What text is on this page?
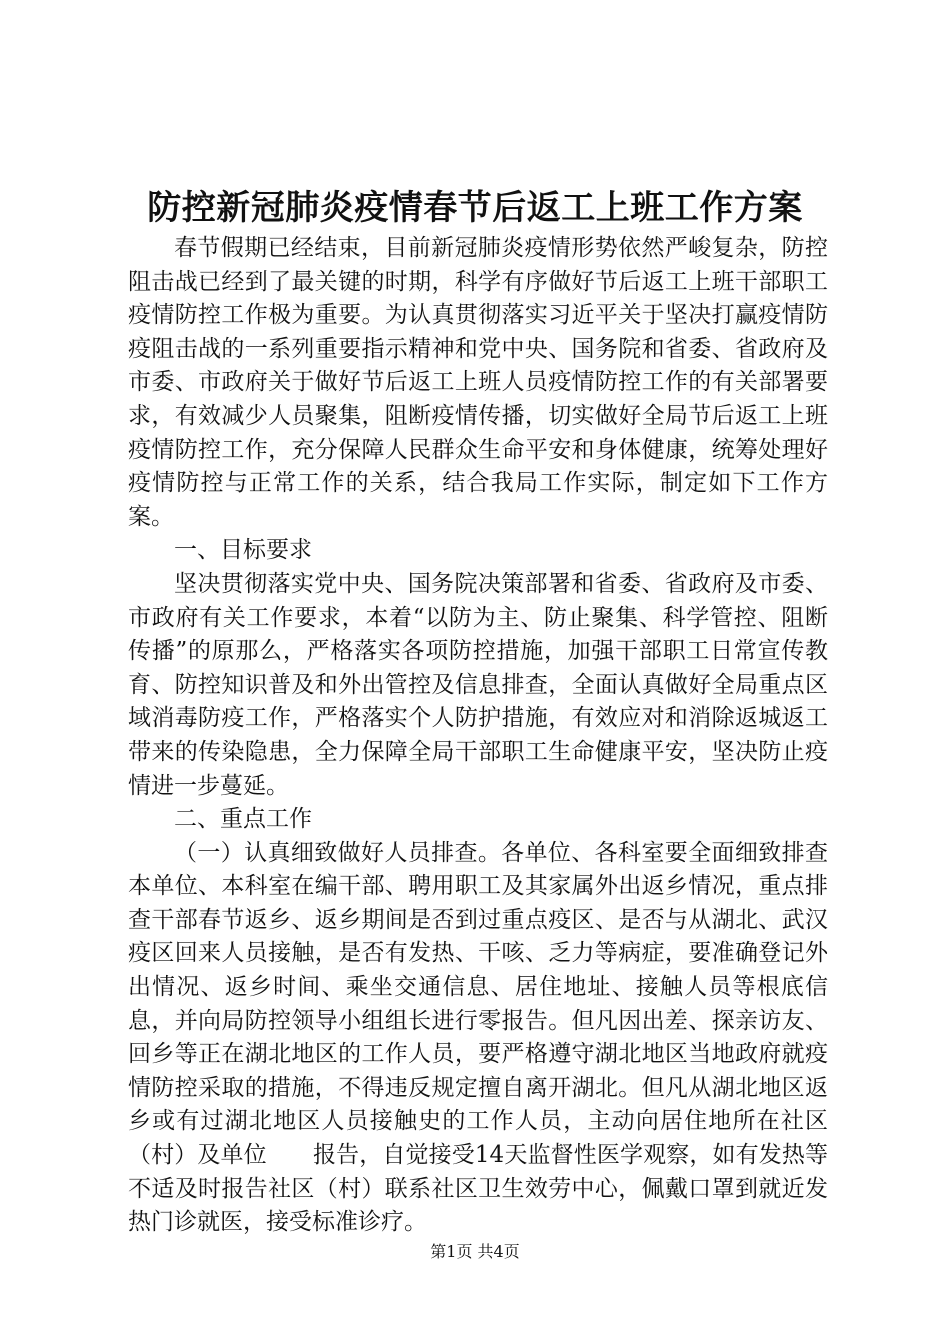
防控新冠肺炎疫情春节后返工上班工作方案

春节假期已经结束，目前新冠肺炎疫情形势依然严峻复杂，防控阻击战已经到了最关键的时期，科学有序做好节后返工上班干部职工疫情防控工作极为重要。为认真贯彻落实习近平关于坚决打赢疫情防疫阻击战的一系列重要指示精神和党中央、国务院和省委、省政府及市委、市政府关于做好节后返工上班人员疫情防控工作的有关部署要求，有效减少人员聚集，阻断疫情传播，切实做好全局节后返工上班疫情防控工作，充分保障人民群众生命平安和身体健康，统筹处理好疫情防控与正常工作的关系，结合我局工作实际，制定如下工作方案。

一、目标要求

坚决贯彻落实党中央、国务院决策部署和省委、省政府及市委、市政府有关工作要求，本着“以防为主、防止聚集、科学管控、阻断传播”的原那么，严格落实各项防控措施，加强干部职工日常宣传教育、防控知识普及和外出管控及信息排查，全面认真做好全局重点区域消毒防疫工作，严格落实个人防护措施，有效应对和消除返城返工带来的传染隐患，全力保障全局干部职工生命健康平安，坚决防止疫情进一步蔓延。

二、重点工作

（一）认真细致做好人员排查。各单位、各科室要全面细致排查本单位、本科室在编干部、聘用职工及其家属外出返乡情况，重点排查干部春节返乡、返乡期间是否到过重点疫区、是否与从湖北、武汉疫区回来人员接触，是否有发热、干咳、乏力等病症，要准确登记外出情况、返乡时间、乘坐交通信息、居住地址、接触人员等根底信息，并向局防控领导小组组长进行零报告。但凡因出差、探亲访友、回乡等正在湖北地区的工作人员，要严格遵守湖北地区当地政府就疫情防控采取的措施，不得违反规定擅自离开湖北。但凡从湖北地区返乡或有过湖北地区人员接触史的工作人员，主动向居住地所在社区（村）及单位　　报告，自觉接受14天监督性医学观察，如有发热等不适及时报告社区（村）联系社区卫生效劳中心，佩戴口罩到就近发热门诊就医，接受标准诊疗。

第1页 共4页
